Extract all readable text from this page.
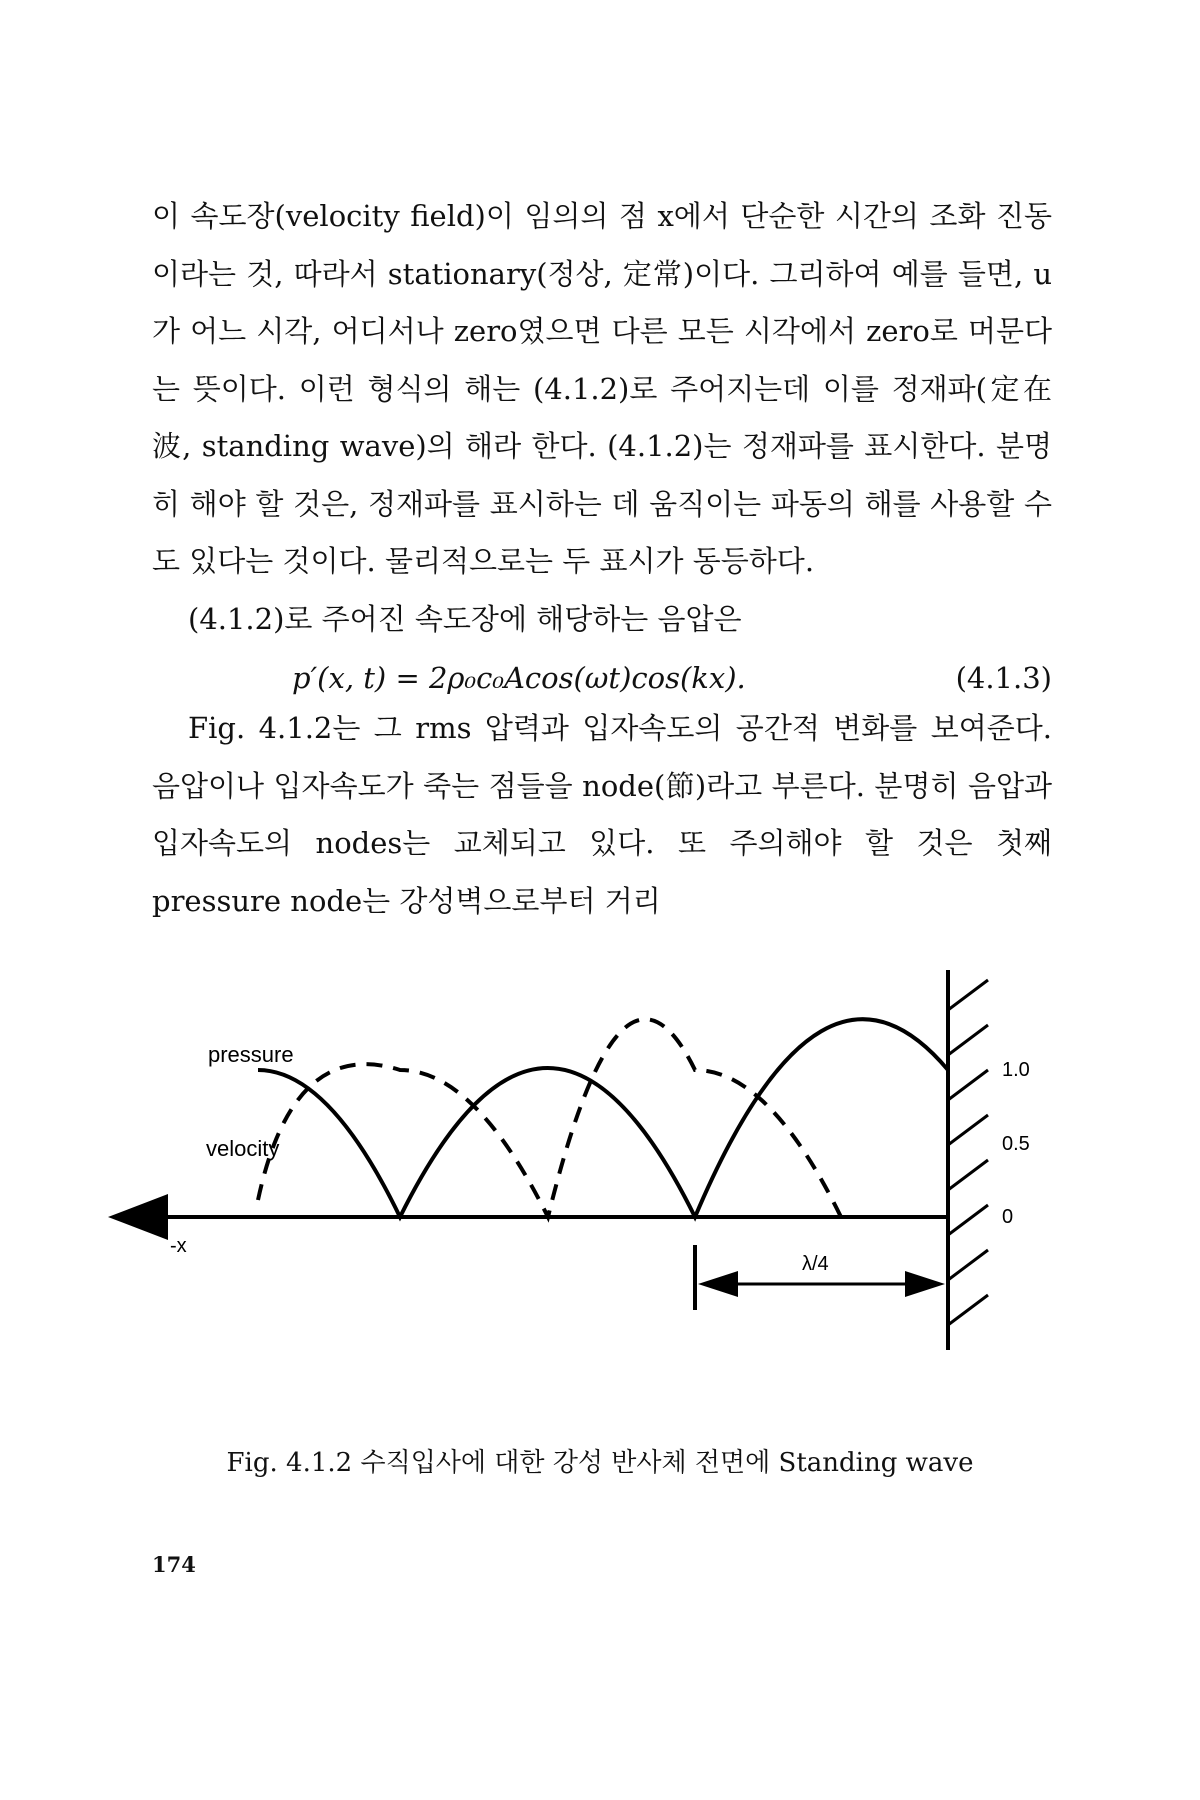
이 속도장(velocity field)이 임의의 점 x에서 단순한 시간의 조화 진동이라는 것, 따라서 stationary(정상, 定常)이다. 그리하여 예를 들면, u가 어느 시각, 어디서나 zero였으면 다른 모든 시각에서 zero로 머문다는 뜻이다. 이런 형식의 해는 (4.1.2)로 주어지는데 이를 정재파(定在波, standing wave)의 해라 한다. (4.1.2)는 정재파를 표시한다. 분명히 해야 할 것은, 정재파를 표시하는 데 움직이는 파동의 해를 사용할 수도 있다는 것이다. 물리적으로는 두 표시가 동등하다.

(4.1.2)로 주어진 속도장에 해당하는 음압은

p′(x, t) = 2ρ₀c₀Acos(ωt)cos(kx).	(4.1.3)

Fig. 4.1.2는 그 rms 압력과 입자속도의 공간적 변화를 보여준다. 음압이나 입자속도가 죽는 점들을 node(節)라고 부른다. 분명히 음압과 입자속도의 nodes는 교체되고 있다. 또 주의해야 할 것은 첫째 pressure node는 강성벽으로부터 거리

-x
pressure
velocity
1.0
0.5
0
λ/4
Fig. 4.1.2 수직입사에 대한 강성 반사체 전면에 Standing wave
174
